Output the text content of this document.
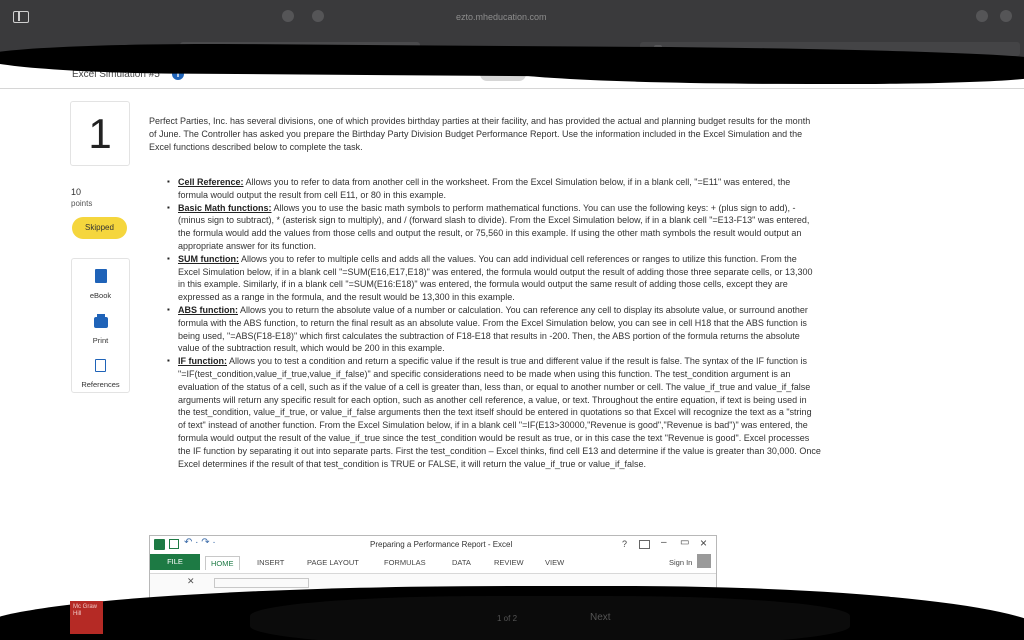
ezto.mheducation.com
Excel Simulation #5	i
1
10
points
Skipped
eBook
Print
References

Perfect Parties, Inc. has several divisions, one of which provides birthday parties at their facility, and has provided the actual and planning budget results for the month of June. The Controller has asked you prepare the Birthday Party Division Budget Performance Report. Use the information included in the Excel Simulation and the Excel functions described below to complete the task.

▪ Cell Reference: Allows you to refer to data from another cell in the worksheet. From the Excel Simulation below, if in a blank cell, "=E11" was entered, the formula would output the result from cell E11, or 80 in this example.
▪ Basic Math functions: Allows you to use the basic math symbols to perform mathematical functions. You can use the following keys: + (plus sign to add), - (minus sign to subtract), * (asterisk sign to multiply), and / (forward slash to divide). From the Excel Simulation below, if in a blank cell "=E13-F13" was entered, the formula would add the values from those cells and output the result, or 75,560 in this example. If using the other math symbols the result would output an appropriate answer for its function.
▪ SUM function: Allows you to refer to multiple cells and adds all the values. You can add individual cell references or ranges to utilize this function. From the Excel Simulation below, if in a blank cell "=SUM(E16,E17,E18)" was entered, the formula would output the result of adding those three separate cells, or 13,300 in this example. Similarly, if in a blank cell "=SUM(E16:E18)" was entered, the formula would output the same result of adding those cells, except they are expressed as a range in the formula, and the result would be 13,300 in this example.
▪ ABS function: Allows you to return the absolute value of a number or calculation. You can reference any cell to display its absolute value, or surround another formula with the ABS function, to return the final result as an absolute value. From the Excel Simulation below, you can see in cell H18 that the ABS function is being used, "=ABS(F18-E18)" which first calculates the subtraction of F18-E18 that results in -200. Then, the ABS portion of the formula returns the absolute value of the subtraction result, which would be 200 in this example.
▪ IF function: Allows you to test a condition and return a specific value if the result is true and different value if the result is false. The syntax of the IF function is "=IF(test_condition,value_if_true,value_if_false)" and specific considerations need to be made when using this function. The test_condition argument is an evaluation of the status of a cell, such as if the value of a cell is greater than, less than, or equal to another number or cell. The value_if_true and value_if_false arguments will return any specific result for each option, such as another cell reference, a value, or text. Throughout the entire equation, if text is being used in the test_condition, value_if_true, or value_if_false arguments then the text itself should be entered in quotations so that Excel will recognize the text as a "string of text" instead of another function. From the Excel Simulation below, if in a blank cell "=IF(E13>30000,"Revenue is good","Revenue is bad")" was entered, the formula would output the result of the value_if_true since the test_condition would be result as true, or in this case the text "Revenue is good". Excel processes the IF function by separating it out into separate parts. First the test_condition – Excel thinks, find cell E13 and determine if the value is greater than 30,000. Once Excel determines if the result of that test_condition is TRUE or FALSE, it will return the value_if_true or value_if_false.
↶ · ↷ ·	Preparing a Performance Report - Excel	?	– ▭ ×
FILE	HOME	INSERT	PAGE LAYOUT	FORMULAS	DATA	REVIEW	VIEW	Sign In
✕
Mc Graw Hill	1 of 2	Next
